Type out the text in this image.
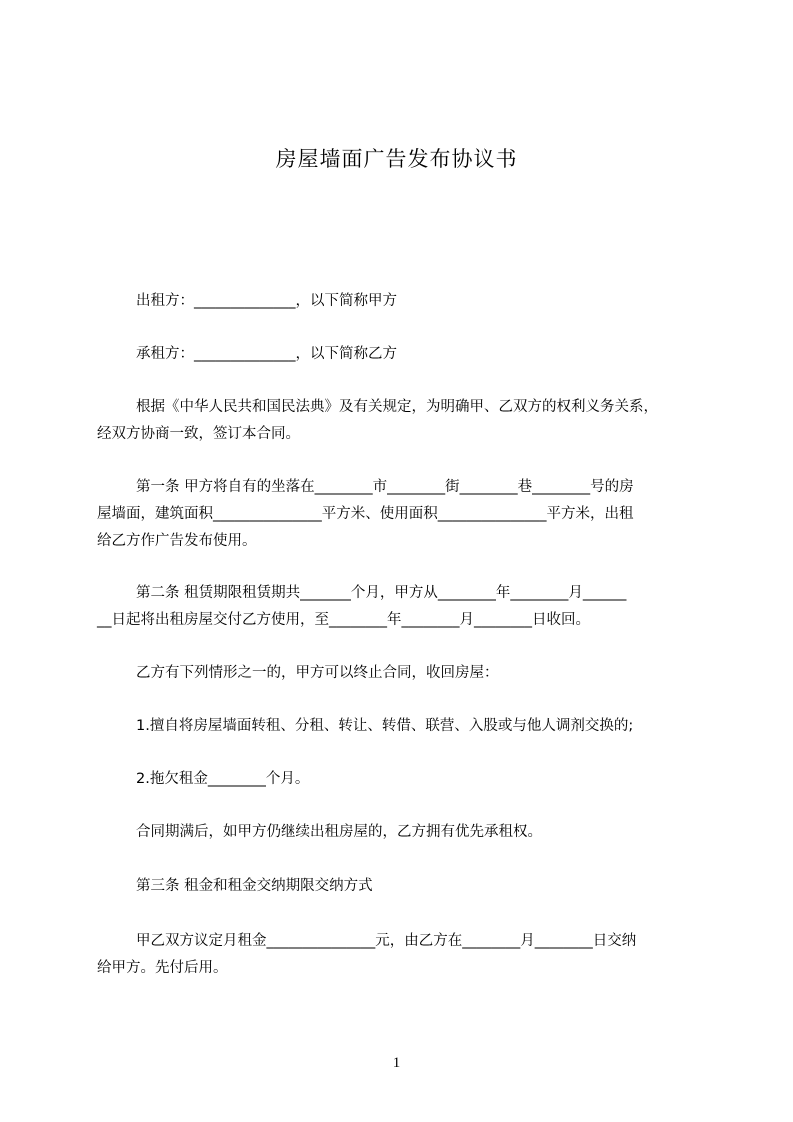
房屋墙面广告发布协议书
出租方：______________，以下简称甲方
承租方：______________，以下简称乙方
根据《中华人民共和国民法典》及有关规定，为明确甲、乙双方的权利义务关系，
经双方协商一致，签订本合同。
第一条 甲方将自有的坐落在________市________街________巷________号的房
屋墙面，建筑面积_______________平方米、使用面积_______________平方米，出租
给乙方作广告发布使用。
第二条 租赁期限租赁期共_______个月，甲方从________年________月______
__日起将出租房屋交付乙方使用，至________年________月________日收回。
乙方有下列情形之一的，甲方可以终止合同，收回房屋：
1.擅自将房屋墙面转租、分租、转让、转借、联营、入股或与他人调剂交换的;
2.拖欠租金________个月。
合同期满后，如甲方仍继续出租房屋的，乙方拥有优先承租权。
第三条 租金和租金交纳期限交纳方式
甲乙双方议定月租金_______________元，由乙方在________月________日交纳
给甲方。先付后用。
1
